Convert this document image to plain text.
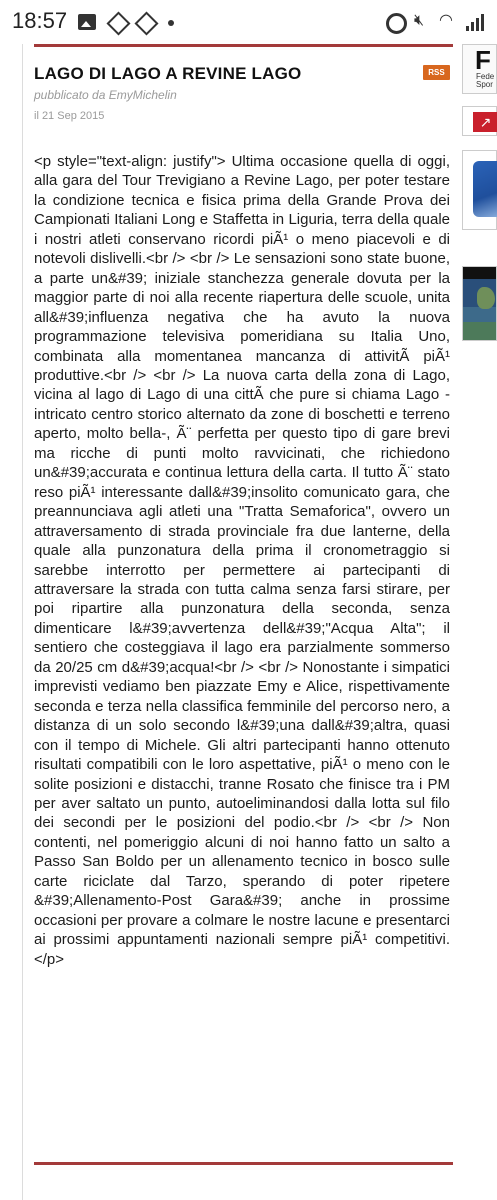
18:57	🔇︎ ◠
LAGO DI LAGO A REVINE LAGO	RSS
pubblicato da EmyMichelin
il 21 Sep 2015

<p style="text-align: justify"> Ultima occasione quella di oggi, alla gara del Tour Trevigiano a Revine Lago, per poter testare la condizione tecnica e fisica prima della Grande Prova dei Campionati Italiani Long e Staffetta in Liguria, terra della quale i nostri atleti conservano ricordi piÃ¹ o meno piacevoli e di notevoli dislivelli.<br /> <br /> Le sensazioni sono state buone, a parte un&#39; iniziale stanchezza generale dovuta per la maggior parte di noi alla recente riapertura delle scuole, unita all&#39;influenza negativa che ha avuto la nuova programmazione televisiva pomeridiana su Italia Uno, combinata alla momentanea mancanza di attivitÃ piÃ¹ produttive.<br /> <br /> La nuova carta della zona di Lago, vicina al lago di Lago di una cittÃ che pure si chiama Lago -intricato centro storico alternato da zone di boschetti e terreno aperto, molto bella-, Ã¨ perfetta per questo tipo di gare brevi ma ricche di punti molto ravvicinati, che richiedono un&#39;accurata e continua lettura della carta. Il tutto Ã¨ stato reso piÃ¹ interessante dall&#39;insolito comunicato gara, che preannunciava agli atleti una "Tratta Semaforica", ovvero un attraversamento di strada provinciale fra due lanterne, della quale alla punzonatura della prima il cronometraggio si sarebbe interrotto per permettere ai partecipanti di attraversare la strada con tutta calma senza farsi stirare, per poi ripartire alla punzonatura della seconda, senza dimenticare l&#39;avvertenza dell&#39;"Acqua Alta"; il sentiero che costeggiava il lago era parzialmente sommerso da 20/25 cm d&#39;acqua!<br /> <br /> Nonostante i simpatici imprevisti vediamo ben piazzate Emy e Alice, rispettivamente seconda e terza nella classifica femminile del percorso nero, a distanza di un solo secondo l&#39;una dall&#39;altra, quasi con il tempo di Michele. Gli altri partecipanti hanno ottenuto risultati compatibili con le loro aspettative, piÃ¹ o meno con le solite posizioni e distacchi, tranne Rosato che finisce tra i PM per aver saltato un punto, autoeliminandosi dalla lotta sul filo dei secondi per le posizioni del podio.<br /> <br /> Non contenti, nel pomeriggio alcuni di noi hanno fatto un salto a Passo San Boldo per un allenamento tecnico in bosco sulle carte riciclate dal Tarzo, sperando di poter ripetere &#39;Allenamento-Post Gara&#39; anche in prossime occasioni per provare a colmare le nostre lacune e presentarci ai prossimi appuntamenti nazionali sempre piÃ¹ competitivi.</p>

F
Fede Spor
↗
